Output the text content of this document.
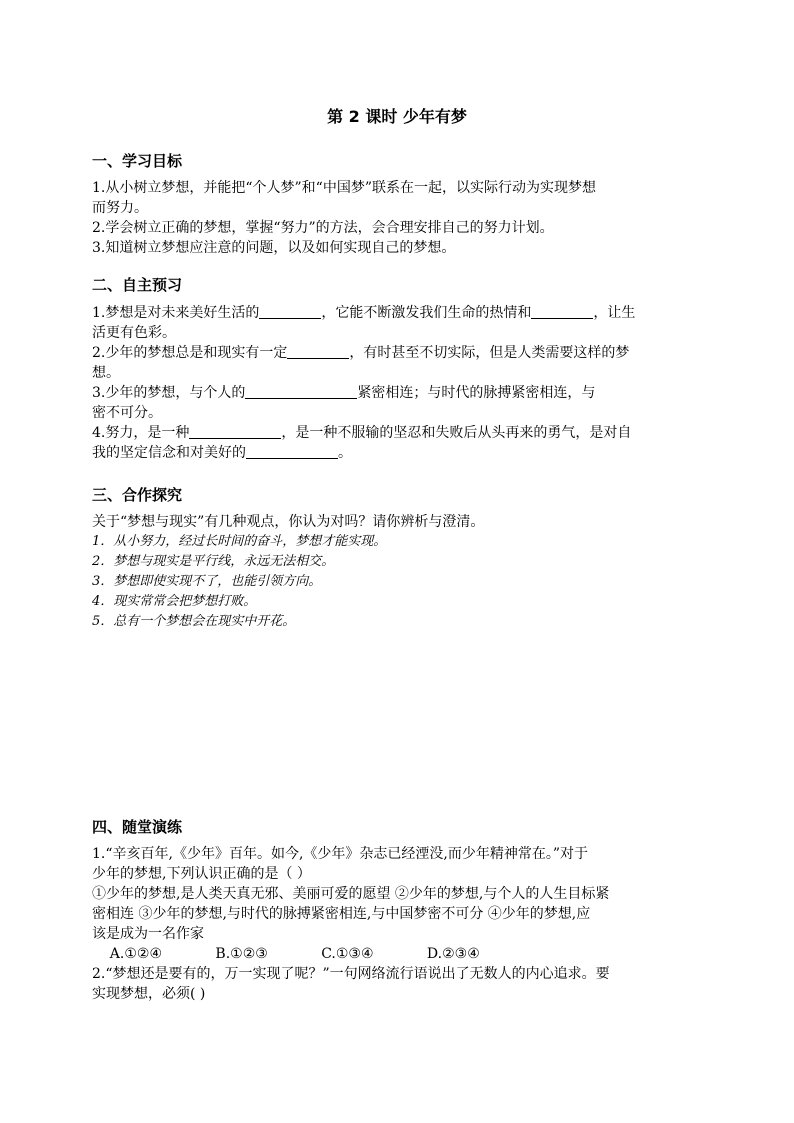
第 2 课时 少年有梦
一、学习目标
1.从小树立梦想，并能把“个人梦”和“中国梦”联系在一起，以实际行动为实现梦想
而努力。
2.学会树立正确的梦想，掌握“努力”的方法，会合理安排自己的努力计划。
3.知道树立梦想应注意的问题，以及如何实现自己的梦想。
二、自主预习
1.梦想是对未来美好生活的	，它能不断激发我们生命的热情和	，让生
活更有色彩。
2.少年的梦想总是和现实有一定	，有时甚至不切实际，但是人类需要这样的梦
想。
3.少年的梦想，与个人的	紧密相连；与时代的脉搏紧密相连，与
密不可分。
4.努力，是一种	，是一种不服输的坚忍和失败后从头再来的勇气，是对自
我的坚定信念和对美好的	。
三、合作探究
关于“梦想与现实”有几种观点，你认为对吗？请你辨析与澄清。
1．从小努力，经过长时间的奋斗，梦想才能实现。
2．梦想与现实是平行线，永远无法相交。
3．梦想即使实现不了，也能引领方向。
4．现实常常会把梦想打败。
5．总有一个梦想会在现实中开花。
四、随堂演练
1.“辛亥百年,《少年》百年。如今,《少年》杂志已经湮没,而少年精神常在。”对于
少年的梦想,下列认识正确的是（ ）
①少年的梦想,是人类天真无邪、美丽可爱的愿望 ②少年的梦想,与个人的人生目标紧
密相连 ③少年的梦想,与时代的脉搏紧密相连,与中国梦密不可分 ④少年的梦想,应
该是成为一名作家
A.①②④            B.①②③            C.①③④            D.②③④
2.“梦想还是要有的，万一实现了呢？”一句网络流行语说出了无数人的内心追求。要
实现梦想，必须( )
